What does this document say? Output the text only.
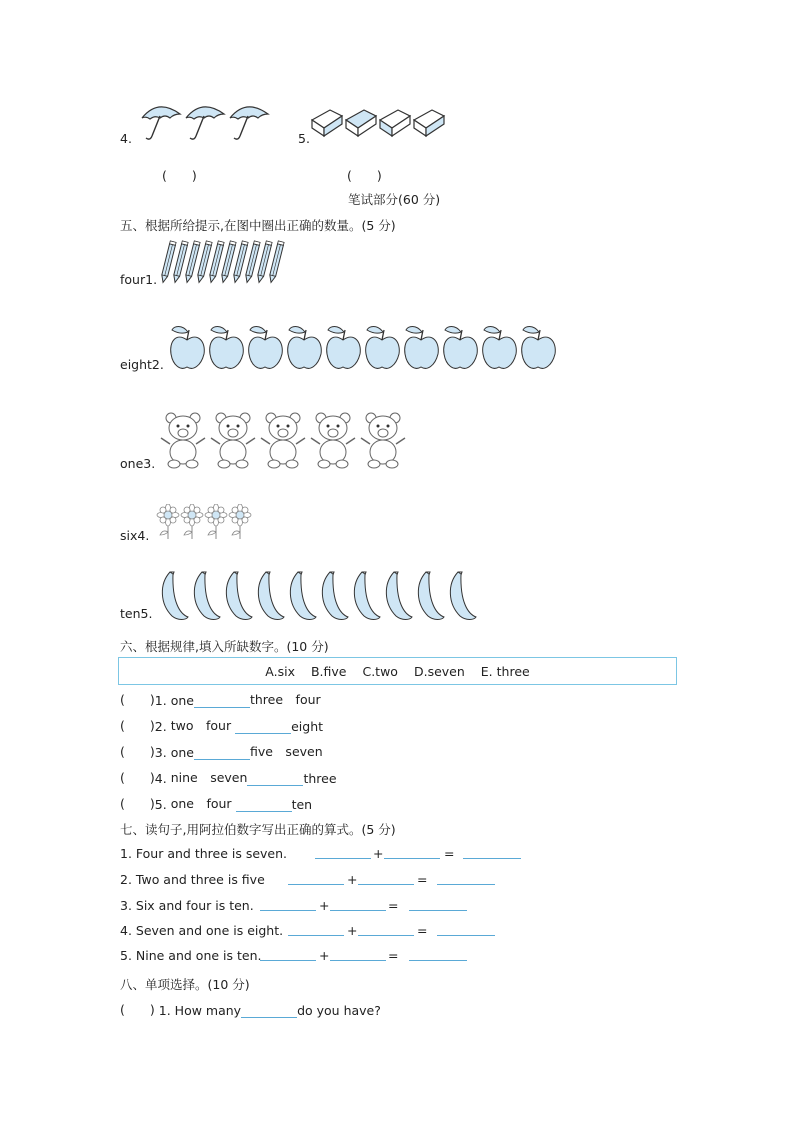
4.	5.
(　　)	(　　)
笔试部分(60 分)
五、根据所给提示,在图中圈出正确的数量。(5 分)
four1.
eight2.
one3.
six4.
ten5.
六、根据规律,填入所缺数字。(10 分)
A.six B.five C.two D.seven E. three
(　　) 1. one	three　four
(　　) 2. two　four	eight
(　　) 3. one	five　seven
(　　) 4. nine　seven	three
(　　) 5. one　four	ten
七、读句子,用阿拉伯数字写出正确的算式。(5 分)
1. Four and three is seven.	+	=
2. Two and three is five	+	=
3. Six and four is ten.	+	=
4. Seven and one is eight.	+	=
5. Nine and one is ten.	+	=
八、单项选择。(10 分)
(　　) 1. How many	do you have?
